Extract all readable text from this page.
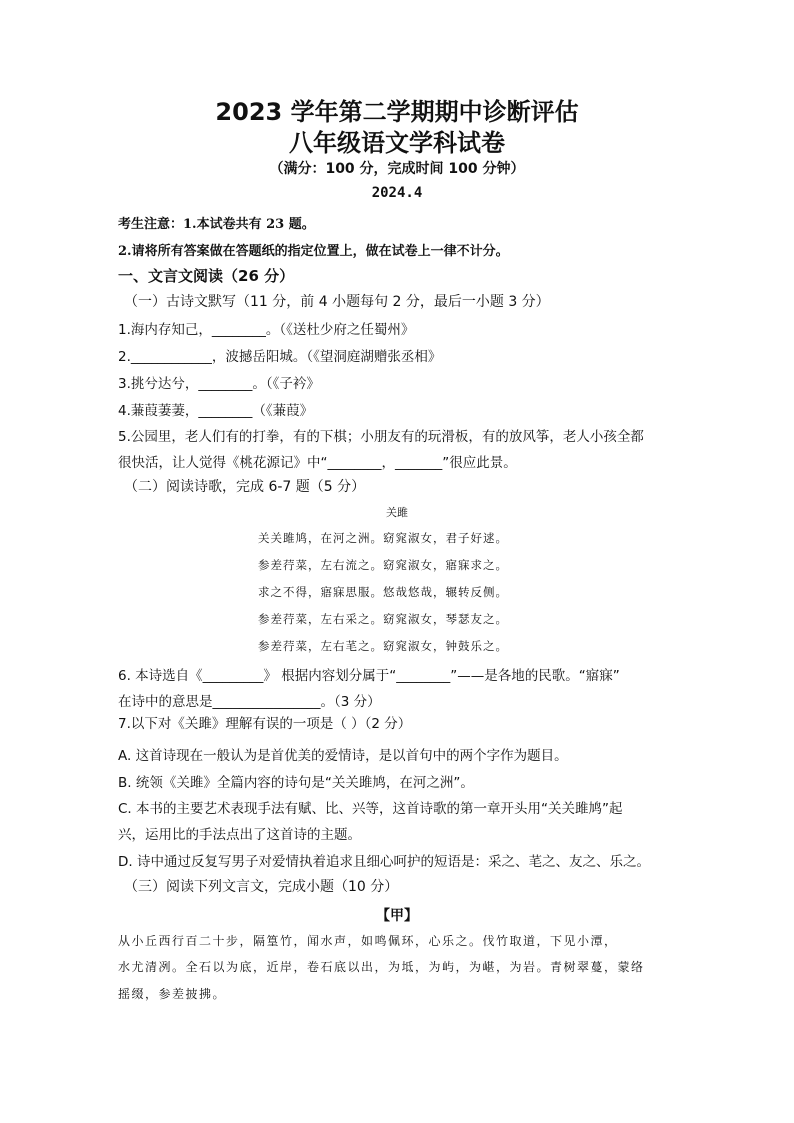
2023 学年第二学期期中诊断评估
八年级语文学科试卷
（满分：100 分，完成时间 100 分钟）
2024.4
考生注意：1.本试卷共有 23 题。
2.请将所有答案做在答题纸的指定位置上，做在试卷上一律不计分。
一、文言文阅读（26 分）
（一）古诗文默写（11 分，前 4 小题每句 2 分，最后一小题 3 分）
1.海内存知己，________。（《送杜少府之任蜀州》
2.____________，波撼岳阳城。（《望洞庭湖赠张丞相》
3.挑兮达兮，________。（《子衿》
4.蒹葭萋萋，________（《蒹葭》
5.公园里，老人们有的打拳，有的下棋；小朋友有的玩滑板，有的放风筝，老人小孩全都
很快活，让人觉得《桃花源记》中“________，_______”很应此景。
（二）阅读诗歌，完成 6-7 题（5 分）
关雎
关关雎鸠，在河之洲。窈窕淑女，君子好逑。
参差荇菜，左右流之。窈窕淑女，寤寐求之。
求之不得，寤寐思服。悠哉悠哉，辗转反侧。
参差荇菜，左右采之。窈窕淑女，琴瑟友之。
参差荇菜，左右芼之。窈窕淑女，钟鼓乐之。
6. 本诗选自《_________》 根据内容划分属于“________”——是各地的民歌。“寤寐”
在诗中的意思是________________。（3 分）
7.以下对《关雎》理解有误的一项是（ ）（2 分）
A. 这首诗现在一般认为是首优美的爱情诗，是以首句中的两个字作为题目。
B. 统领《关雎》全篇内容的诗句是“关关雎鸠，在河之洲”。
C. 本书的主要艺术表现手法有赋、比、兴等，这首诗歌的第一章开头用“关关雎鸠”起
兴，运用比的手法点出了这首诗的主题。
D. 诗中通过反复写男子对爱情执着追求且细心呵护的短语是：采之、芼之、友之、乐之。
（三）阅读下列文言文，完成小题（10 分）
【甲】
从小丘西行百二十步，隔篁竹，闻水声，如鸣佩环，心乐之。伐竹取道，下见小潭，
水尤清冽。全石以为底，近岸，卷石底以出，为坻，为屿，为嵁，为岩。青树翠蔓，蒙络
摇缀，参差披拂。
